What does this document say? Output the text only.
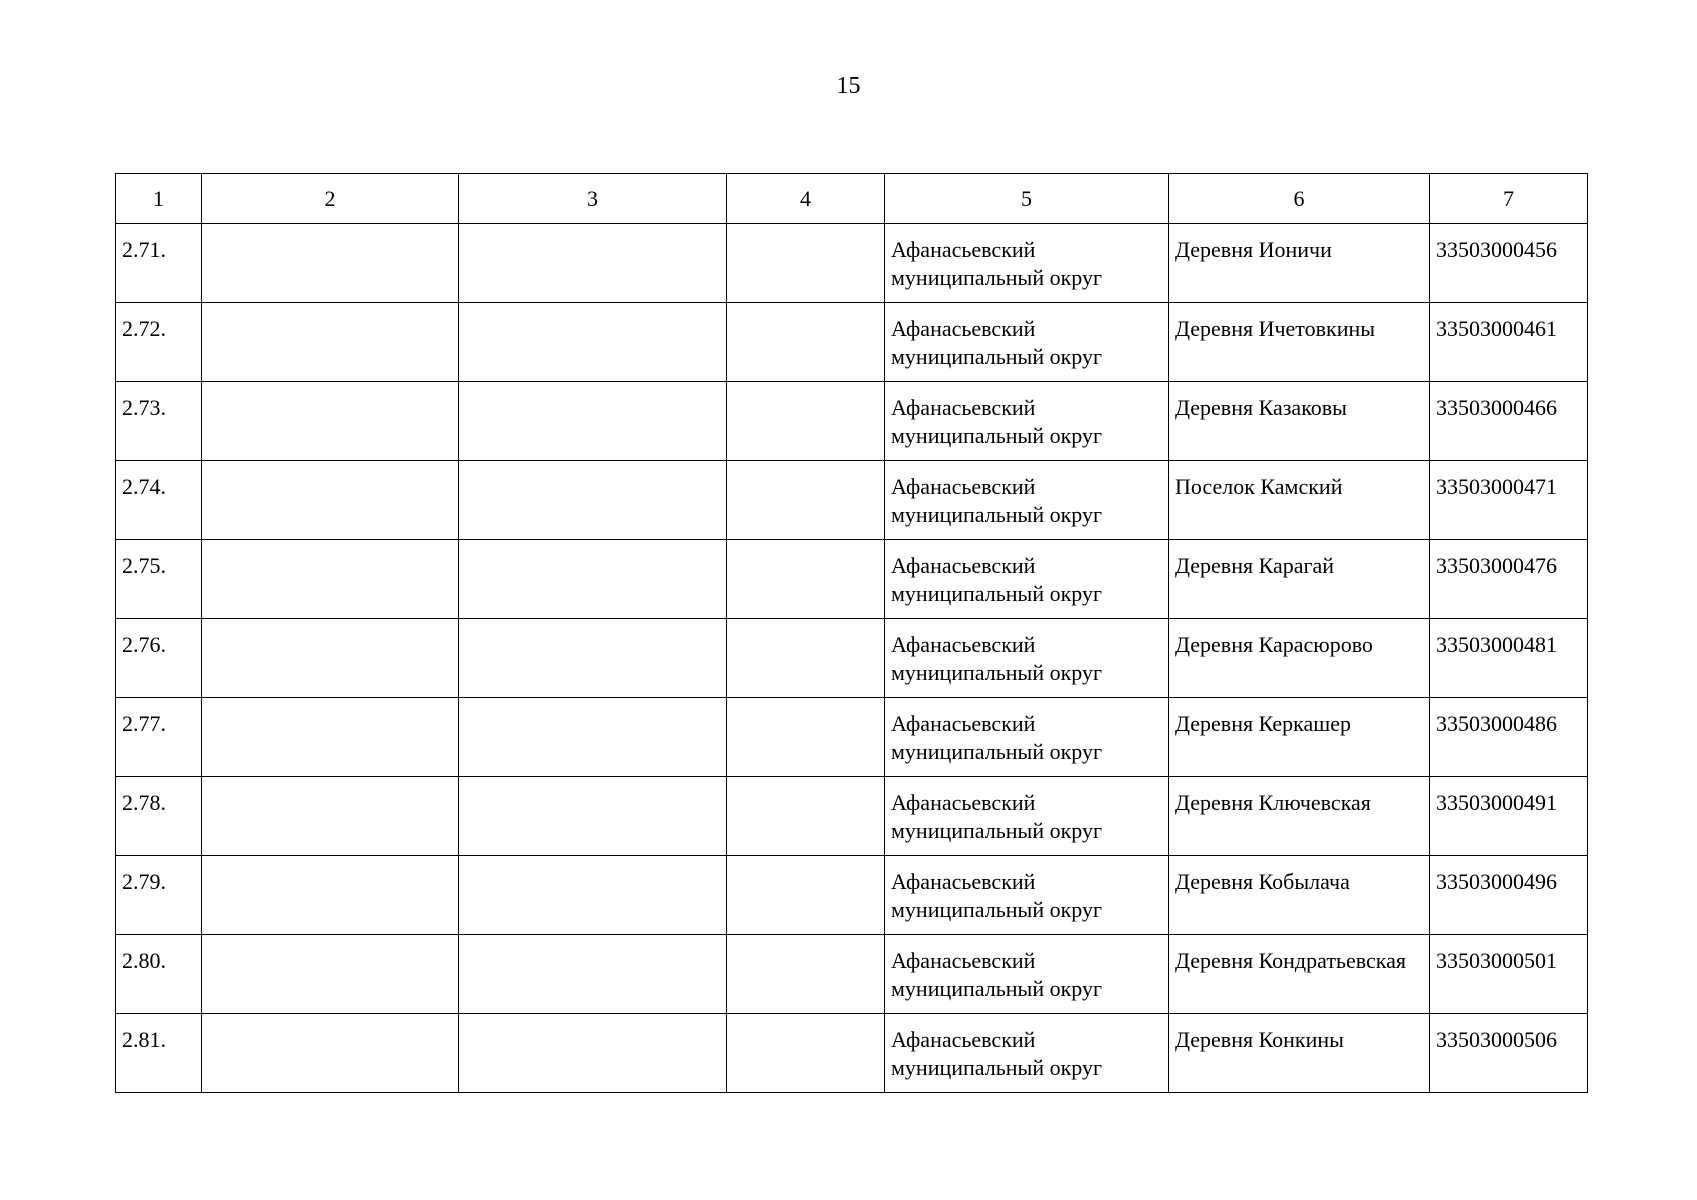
15
1	2	3	4	5	6	7
2.71.				Афанасьевский муниципальный округ	Деревня Ионичи	33503000456
2.72.				Афанасьевский муниципальный округ	Деревня Ичетовкины	33503000461
2.73.				Афанасьевский муниципальный округ	Деревня Казаковы	33503000466
2.74.				Афанасьевский муниципальный округ	Поселок Камский	33503000471
2.75.				Афанасьевский муниципальный округ	Деревня Карагай	33503000476
2.76.				Афанасьевский муниципальный округ	Деревня Карасюрово	33503000481
2.77.				Афанасьевский муниципальный округ	Деревня Керкашер	33503000486
2.78.				Афанасьевский муниципальный округ	Деревня Ключевская	33503000491
2.79.				Афанасьевский муниципальный округ	Деревня Кобылача	33503000496
2.80.				Афанасьевский муниципальный округ	Деревня Кондратьевская	33503000501
2.81.				Афанасьевский муниципальный округ	Деревня Конкины	33503000506
